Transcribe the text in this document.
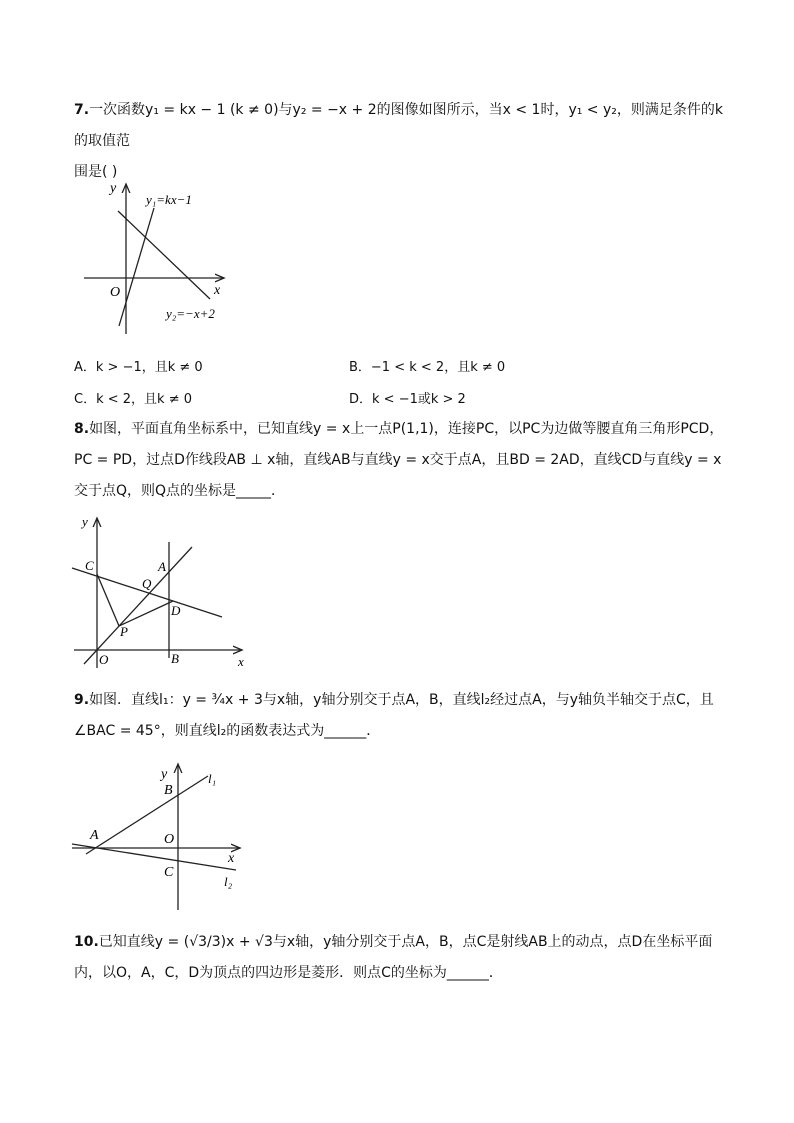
7.一次函数y₁ = kx − 1 (k ≠ 0)与y₂ = −x + 2的图像如图所示，当x < 1时，y₁ < y₂，则满足条件的k的取值范
围是( )
y
x
O
y₁=kx−1
y₂=−x+2
A．k > −1，且k ≠ 0	B．−1 < k < 2，且k ≠ 0
C．k < 2，且k ≠ 0	D．k < −1或k > 2
8.如图，平面直角坐标系中，已知直线y = x上一点P(1,1)，连接PC，以PC为边做等腰直角三角形PCD，
PC = PD，过点D作线段AB ⊥ x轴，直线AB与直线y = x交于点A，且BD = 2AD，直线CD与直线y = x
交于点Q，则Q点的坐标是_____．
y
x
C	A
Q
D
P
O	B
9.如图．直线l₁：y = ¾x + 3与x轴，y轴分别交于点A，B，直线l₂经过点A，与y轴负半轴交于点C，且
∠BAC = 45°，则直线l₂的函数表达式为______．
y
x
B
l₁
A	O
C
l₂
10.已知直线y = (√3/3)x + √3与x轴，y轴分别交于点A，B，点C是射线AB上的动点，点D在坐标平面
内，以O，A，C，D为顶点的四边形是菱形．则点C的坐标为______．
